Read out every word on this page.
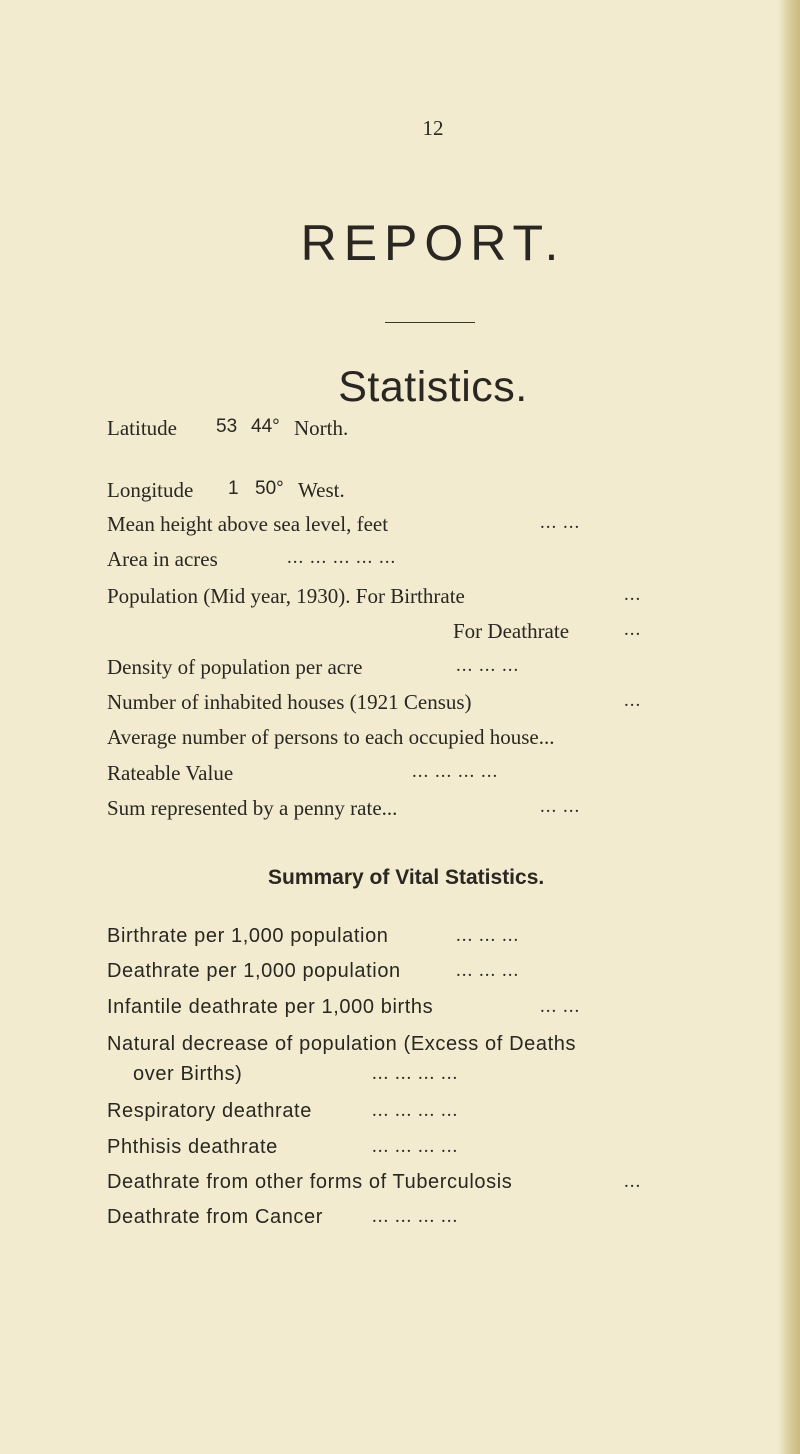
12
REPORT.
Statistics.
Latitude 53 44° North.
Longitude 1 50° West.
Mean height above sea level, feet	... ...
Area in acres	... ... ... ... ...
Population (Mid year, 1930). For Birthrate	...
For Deathrate	...
Density of population per acre	... ... ...
Number of inhabited houses (1921 Census)	...
Average number of persons to each occupied house...
Rateable Value	... ... ... ...
Sum represented by a penny rate...	... ...
Summary of Vital Statistics.
Birthrate per 1,000 population	... ... ...
Deathrate per 1,000 population	... ... ...
Infantile deathrate per 1,000 births	... ...
Natural decrease of population (Excess of Deaths
over Births)	... ... ... ...
Respiratory deathrate	... ... ... ...
Phthisis deathrate	... ... ... ...
Deathrate from other forms of Tuberculosis	...
Deathrate from Cancer	... ... ... ...
